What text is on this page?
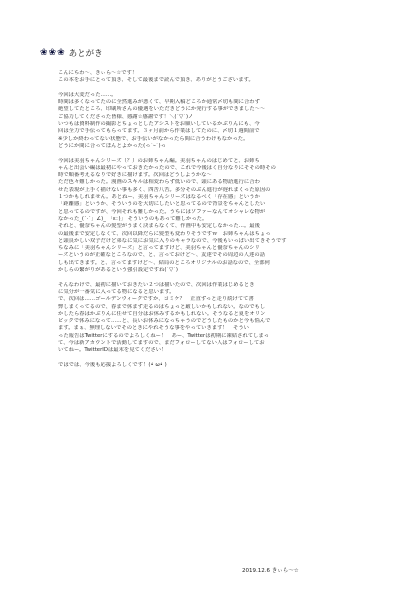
❀ ❀ ❀ あとがき
こんにちわ〜、きぃら〜☆です！
この本をお手にとって頂き、そして最後まで読んで頂き、ありがとうございます。
今回は大変だった……。
時間は多くなってたのに全然進みが悪くて、早期入稿どころか通常〆切も間に合わず
絶望してたところ、印刷所さんの優遇をいただきどうにか発行する事ができました〜〜
ご協力してくださった皆様、感謝☆感謝です！＼(´▽`)ノ
いつもは資料制作の撮影とちょっとしたアシストをお願いしているかぶりんにも、今
回は全力で手伝ってもらってます。３ヶ月前から作業はしてたのに、〆切１週間前で
※少しか終わってない状態で、お手伝いがなかったら間に合うわけもなかった。
どうにか間に合ってほんとよかった(っ´ｰ`)っ
今回は美羽ちゃんシリーズ（？）のお姉ちゃん編。美羽ちゃんのはじめてと、お姉ち
ゃんと出会い編は最初にやっておきたかったので、これで今後はく自分なりにそその時その
時で順番考えるなりで好きに描けます。次回はどうしようかな〜
ただ色々難しかった。漫画のスキルは相変わらず低いので、頭にある物語進行に合わ
せた表現が上手く描けない事も多く、四苦八苦。多分そのぶん進行が遅れまくった原因の
１つかもしれません。あとねー、美羽ちゃんシリーズはなるべく「存在感」というか
「距離感」というか、そういうのを大切にしたいと思ってるので背景をちゃんとしたい
と思ってるのですが、今回それも難しかった。うちにはソファーなんてオシャレな物が
なかった_(ˇ·ˇ」∠)_ 「ε：)」 そういうのもあって難しかった。
それと、優奈ちゃんの髪型がうまく決まらなくて、作画中も安定しなかった…。最後
の最後まで安定しなくて、次回以降だらに髪型も変わりそうですｗ　お姉ちゃんはちょっ
と頭良かしい双子だけど弟なに気にお気に入りのキャラなので、今後もいっぱい出てきそうです
ちなみに「美羽ちゃんシリーズ」と言ってますけど、美羽ちゃんと優奈ちゃんのシリ
ーズというのが正確なところなので、と、言っておけど〜、友達でその周辺の人達の話
しも出てきます。と、言ってますけど〜、結局のところオリジナルのお話なので、全部何
かしらの繋がりがあるという強引設定ですね(´▽`)
そんなわけで、最初に描いておきたい２つは描いたので、次回は作業はじめるとき
に気分が一番気に入ってる物になると思います。
で、次回は……ゴールデンウィークですか、コミケ？　正直ずっと走り続けてて書
弊しまくってるので、春まで休まず走るのはちょっと厳しいかもしれない。なのでもし
かしたら春はかぶりんに任せて自分はお休みするかもしれない。そうなると夏をオリン
ピックで休みになって……と、長いお休みになっちゃうのでどうしたものかと今も悩んで
ます。まぁ、無理しないでそのときにやれそうな事をやっていきます！　そうい
った報告はTwitterにするのでよろしくねー！　あー、Twitterは初期に凍結されてしまっ
て、今は新アカウントで活動してますので、まだフォローしてない人はフォローしてお
いてねー。TwitterIDは最末を見てください！
ではでは、今後も応援よろしくです！(•̀ ω•́ )
2019.12.6 きぃら〜☆
